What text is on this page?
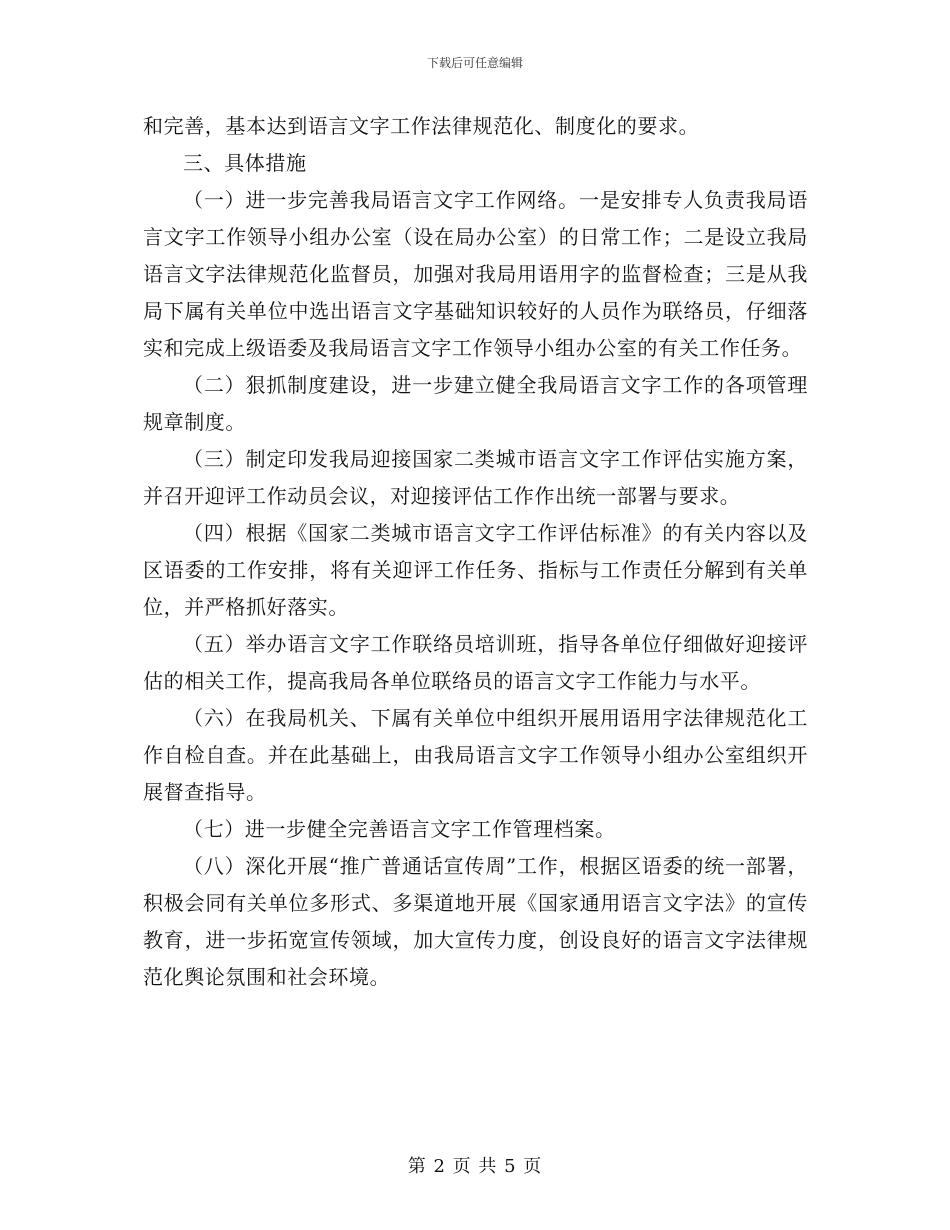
下载后可任意编辑

和完善，基本达到语言文字工作法律规范化、制度化的要求。

三、具体措施

（一）进一步完善我局语言文字工作网络。一是安排专人负责我局语言文字工作领导小组办公室（设在局办公室）的日常工作；二是设立我局语言文字法律规范化监督员，加强对我局用语用字的监督检查；三是从我局下属有关单位中选出语言文字基础知识较好的人员作为联络员，仔细落实和完成上级语委及我局语言文字工作领导小组办公室的有关工作任务。

（二）狠抓制度建设，进一步建立健全我局语言文字工作的各项管理规章制度。

（三）制定印发我局迎接国家二类城市语言文字工作评估实施方案，并召开迎评工作动员会议，对迎接评估工作作出统一部署与要求。

（四）根据《国家二类城市语言文字工作评估标准》的有关内容以及区语委的工作安排，将有关迎评工作任务、指标与工作责任分解到有关单位，并严格抓好落实。

（五）举办语言文字工作联络员培训班，指导各单位仔细做好迎接评估的相关工作，提高我局各单位联络员的语言文字工作能力与水平。

（六）在我局机关、下属有关单位中组织开展用语用字法律规范化工作自检自查。并在此基础上，由我局语言文字工作领导小组办公室组织开展督查指导。

（七）进一步健全完善语言文字工作管理档案。

（八）深化开展“推广普通话宣传周”工作，根据区语委的统一部署，积极会同有关单位多形式、多渠道地开展《国家通用语言文字法》的宣传教育，进一步拓宽宣传领域，加大宣传力度，创设良好的语言文字法律规范化舆论氛围和社会环境。

第 2 页 共 5 页
